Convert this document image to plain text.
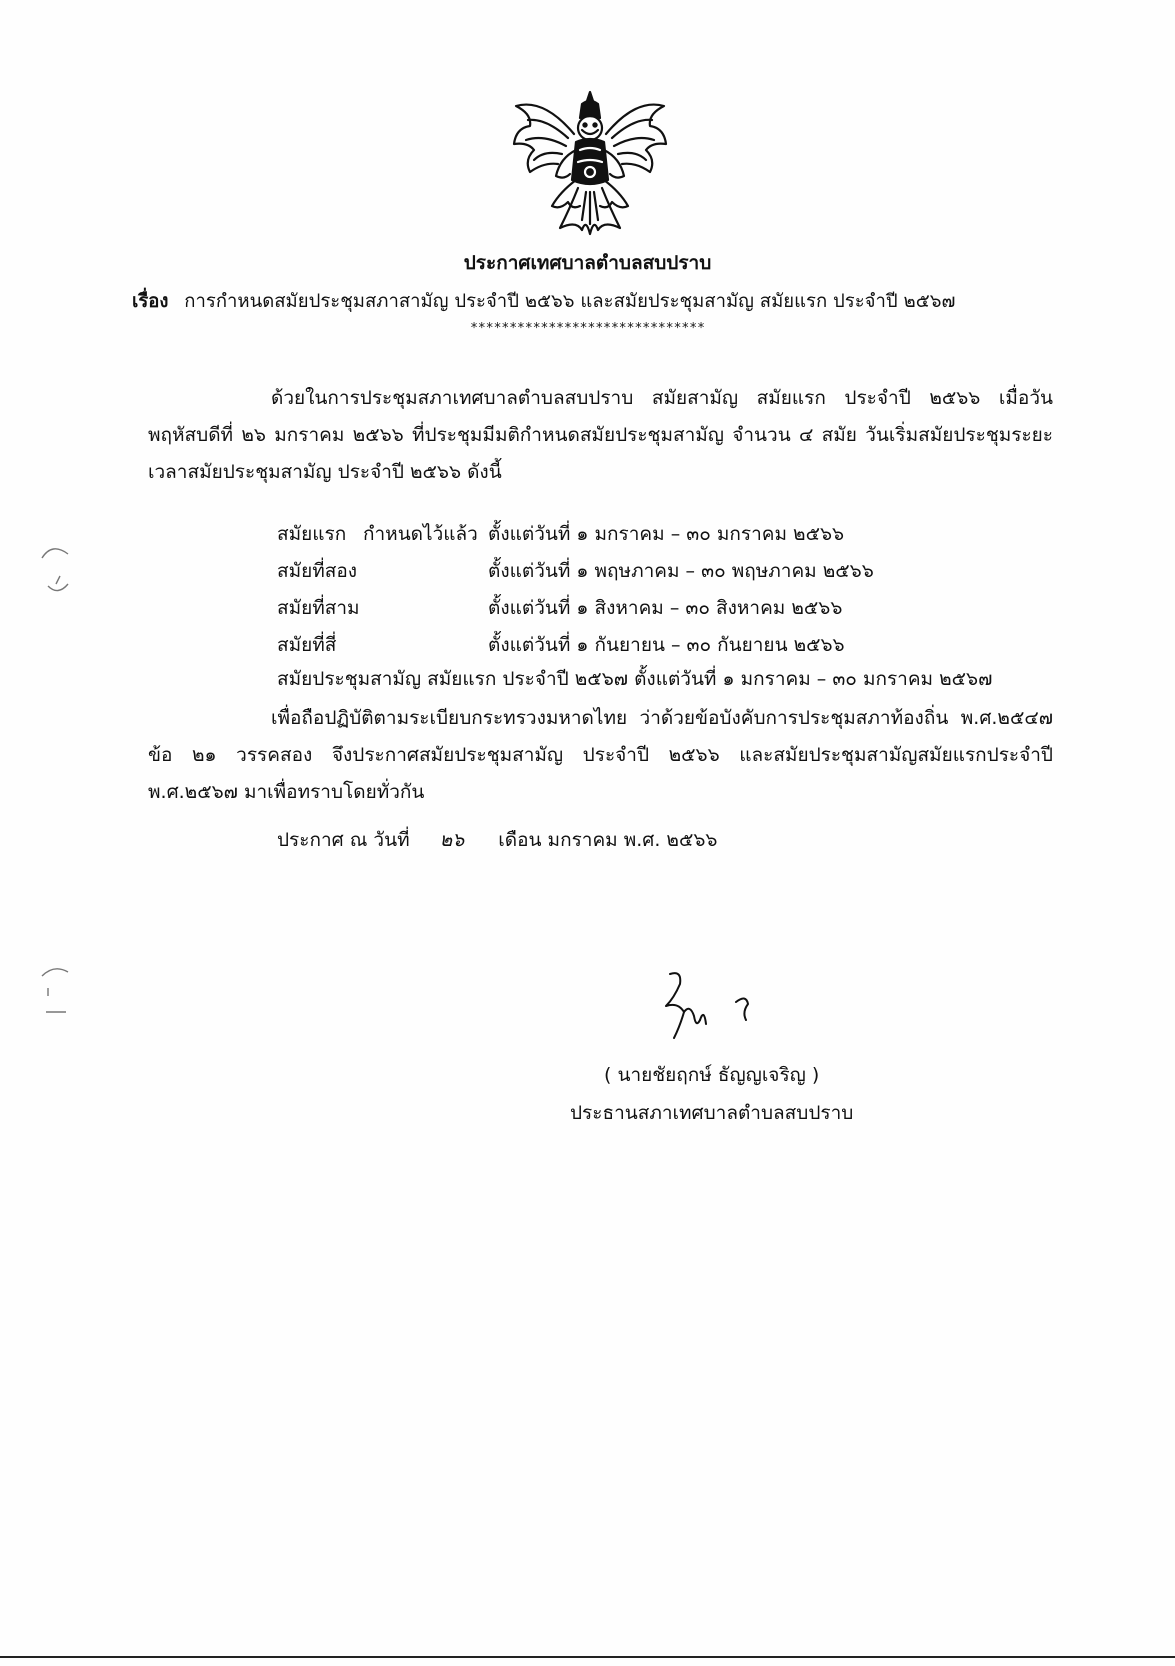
ประกาศเทศบาลตำบลสบปราบ
เรื่อง การกำหนดสมัยประชุมสภาสามัญ ประจำปี ๒๕๖๖ และสมัยประชุมสามัญ สมัยแรก ประจำปี ๒๕๖๗
******************************
ด้วยในการประชุมสภาเทศบาลตำบลสบปราบ สมัยสามัญ สมัยแรก ประจำปี ๒๕๖๖ เมื่อวันพฤหัสบดีที่ ๒๖ มกราคม ๒๕๖๖ ที่ประชุมมีมติกำหนดสมัยประชุมสามัญ จำนวน ๔ สมัย วันเริ่มสมัยประชุมระยะเวลาสมัยประชุมสามัญ ประจำปี ๒๕๖๖ ดังนี้
สมัยแรก กำหนดไว้แล้ว ตั้งแต่วันที่ ๑ มกราคม – ๓๐ มกราคม ๒๕๖๖
สมัยที่สอง	ตั้งแต่วันที่ ๑ พฤษภาคม – ๓๐ พฤษภาคม ๒๕๖๖
สมัยที่สาม	ตั้งแต่วันที่ ๑ สิงหาคม – ๓๐ สิงหาคม ๒๕๖๖
สมัยที่สี่	ตั้งแต่วันที่ ๑ กันยายน – ๓๐ กันยายน ๒๕๖๖
สมัยประชุมสามัญ สมัยแรก ประจำปี ๒๕๖๗ ตั้งแต่วันที่ ๑ มกราคม – ๓๐ มกราคม ๒๕๖๗
เพื่อถือปฏิบัติตามระเบียบกระทรวงมหาดไทย ว่าด้วยข้อบังคับการประชุมสภาท้องถิ่น พ.ศ.๒๕๔๗ ข้อ ๒๑ วรรคสอง จึงประกาศสมัยประชุมสามัญ ประจำปี ๒๕๖๖ และสมัยประชุมสามัญสมัยแรกประจำปี พ.ศ.๒๕๖๗ มาเพื่อทราบโดยทั่วกัน
ประกาศ ณ วันที่ ๒๖ เดือน มกราคม พ.ศ. ๒๕๖๖
( นายชัยฤกษ์ ธัญญเจริญ )
ประธานสภาเทศบาลตำบลสบปราบ
